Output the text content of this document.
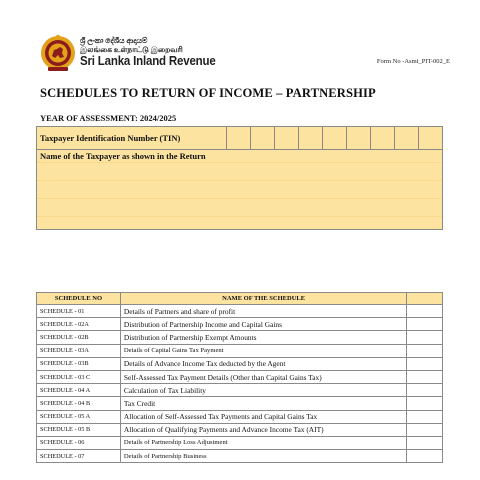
ශ්‍රී ලංකා දේශීය ආදායම්
இலங்கை உள்நாட்டு இறைவரி
Sri Lanka Inland Revenue	Form No -Asmt_PIT-002_E
SCHEDULES TO RETURN OF INCOME – PARTNERSHIP
YEAR OF ASSESSMENT: 2024/2025
Taxpayer Identification Number (TIN)
Name of the Taxpayer as shown in the Return
SCHEDULE NO	NAME OF THE SCHEDULE	
SCHEDULE - 01	Details of Partners and share of profit	
SCHEDULE - 02A	Distribution of Partnership Income and Capital Gains	
SCHEDULE - 02B	Distribution of Partnership Exempt Amounts	
SCHEDULE - 03A	Details of Capital Gains Tax Payment	
SCHEDULE - 03B	Details of Advance Income Tax deducted by the Agent	
SCHEDULE - 03 C	Self-Assessed Tax Payment Details (Other than Capital Gains Tax)	
SCHEDULE - 04 A	Calculation of Tax Liability	
SCHEDULE - 04 B	Tax Credit	
SCHEDULE - 05 A	Allocation of Self-Assessed Tax Payments and Capital Gains Tax	
SCHEDULE - 05 B	Allocation of Qualifying Payments and Advance Income Tax (AIT)	
SCHEDULE - 06	Details of Partnership Loss Adjustment	
SCHEDULE - 07	Details of Partnership Business	
